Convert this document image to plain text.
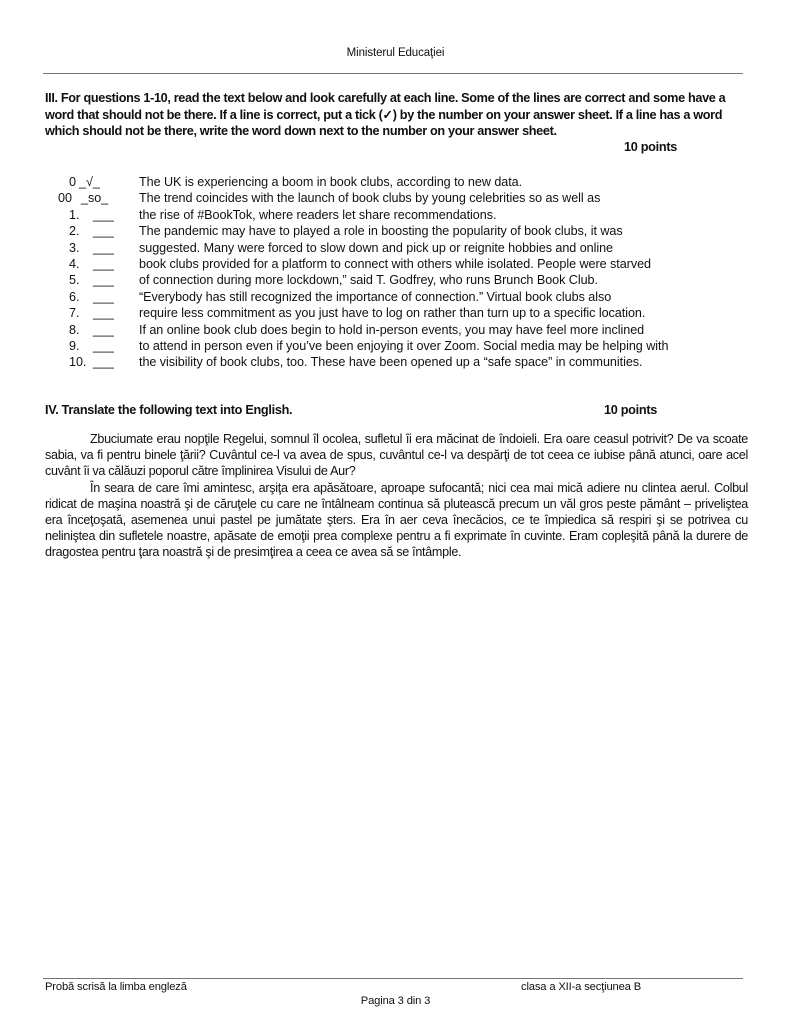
Ministerul Educaţiei
III. For questions 1-10, read the text below and look carefully at each line. Some of the lines are correct and some have a word that should not be there. If a line is correct, put a tick (✓) by the number on your answer sheet. If a line has a word which should not be there, write the word down next to the number on your answer sheet.
10 points
0 _√_	The UK is experiencing a boom in book clubs, according to new data.
00 _so_ The trend coincides with the launch of book clubs by young celebrities so as well as
1. ___ the rise of #BookTok, where readers let share recommendations.
2. ___ The pandemic may have to played a role in boosting the popularity of book clubs, it was
3. ___ suggested. Many were forced to slow down and pick up or reignite hobbies and online
4. ___ book clubs provided for a platform to connect with others while isolated. People were starved
5. ___ of connection during more lockdown,” said T. Godfrey, who runs Brunch Book Club.
6. ___ “Everybody has still recognized the importance of connection.” Virtual book clubs also
7. ___ require less commitment as you just have to log on rather than turn up to a specific location.
8. ___ If an online book club does begin to hold in-person events, you may have feel more inclined
9. ___ to attend in person even if you’ve been enjoying it over Zoom. Social media may be helping with
10. ___ the visibility of book clubs, too. These have been opened up a “safe space” in communities.
IV. Translate the following text into English.	10 points

Zbuciumate erau nopţile Regelui, somnul îl ocolea, sufletul îi era măcinat de îndoieli. Era oare ceasul potrivit? De va scoate sabia, va fi pentru binele ţării? Cuvântul ce-l va avea de spus, cuvântul ce-l va despărţi de tot ceea ce iubise până atunci, oare acel cuvânt îi va călăuzi poporul către împlinirea Visului de Aur?

În seara de care îmi amintesc, arşiţa era apăsătoare, aproape sufocantă; nici cea mai mică adiere nu clintea aerul. Colbul ridicat de maşina noastră şi de căruţele cu care ne întâlneam continua să plutească precum un văl gros peste pământ – priveliştea era înceţoşată, asemenea unui pastel pe jumătate şters. Era în aer ceva înecăcios, ce te împiedica să respiri şi se potrivea cu neliniştea din sufletele noastre, apăsate de emoţii prea complexe pentru a fi exprimate în cuvinte. Eram copleşită până la durere de dragostea pentru ţara noastră şi de presimţirea a ceea ce avea să se întâmple.

Probă scrisă la limba engleză	clasa a XII-a secţiunea B
Pagina 3 din 3
